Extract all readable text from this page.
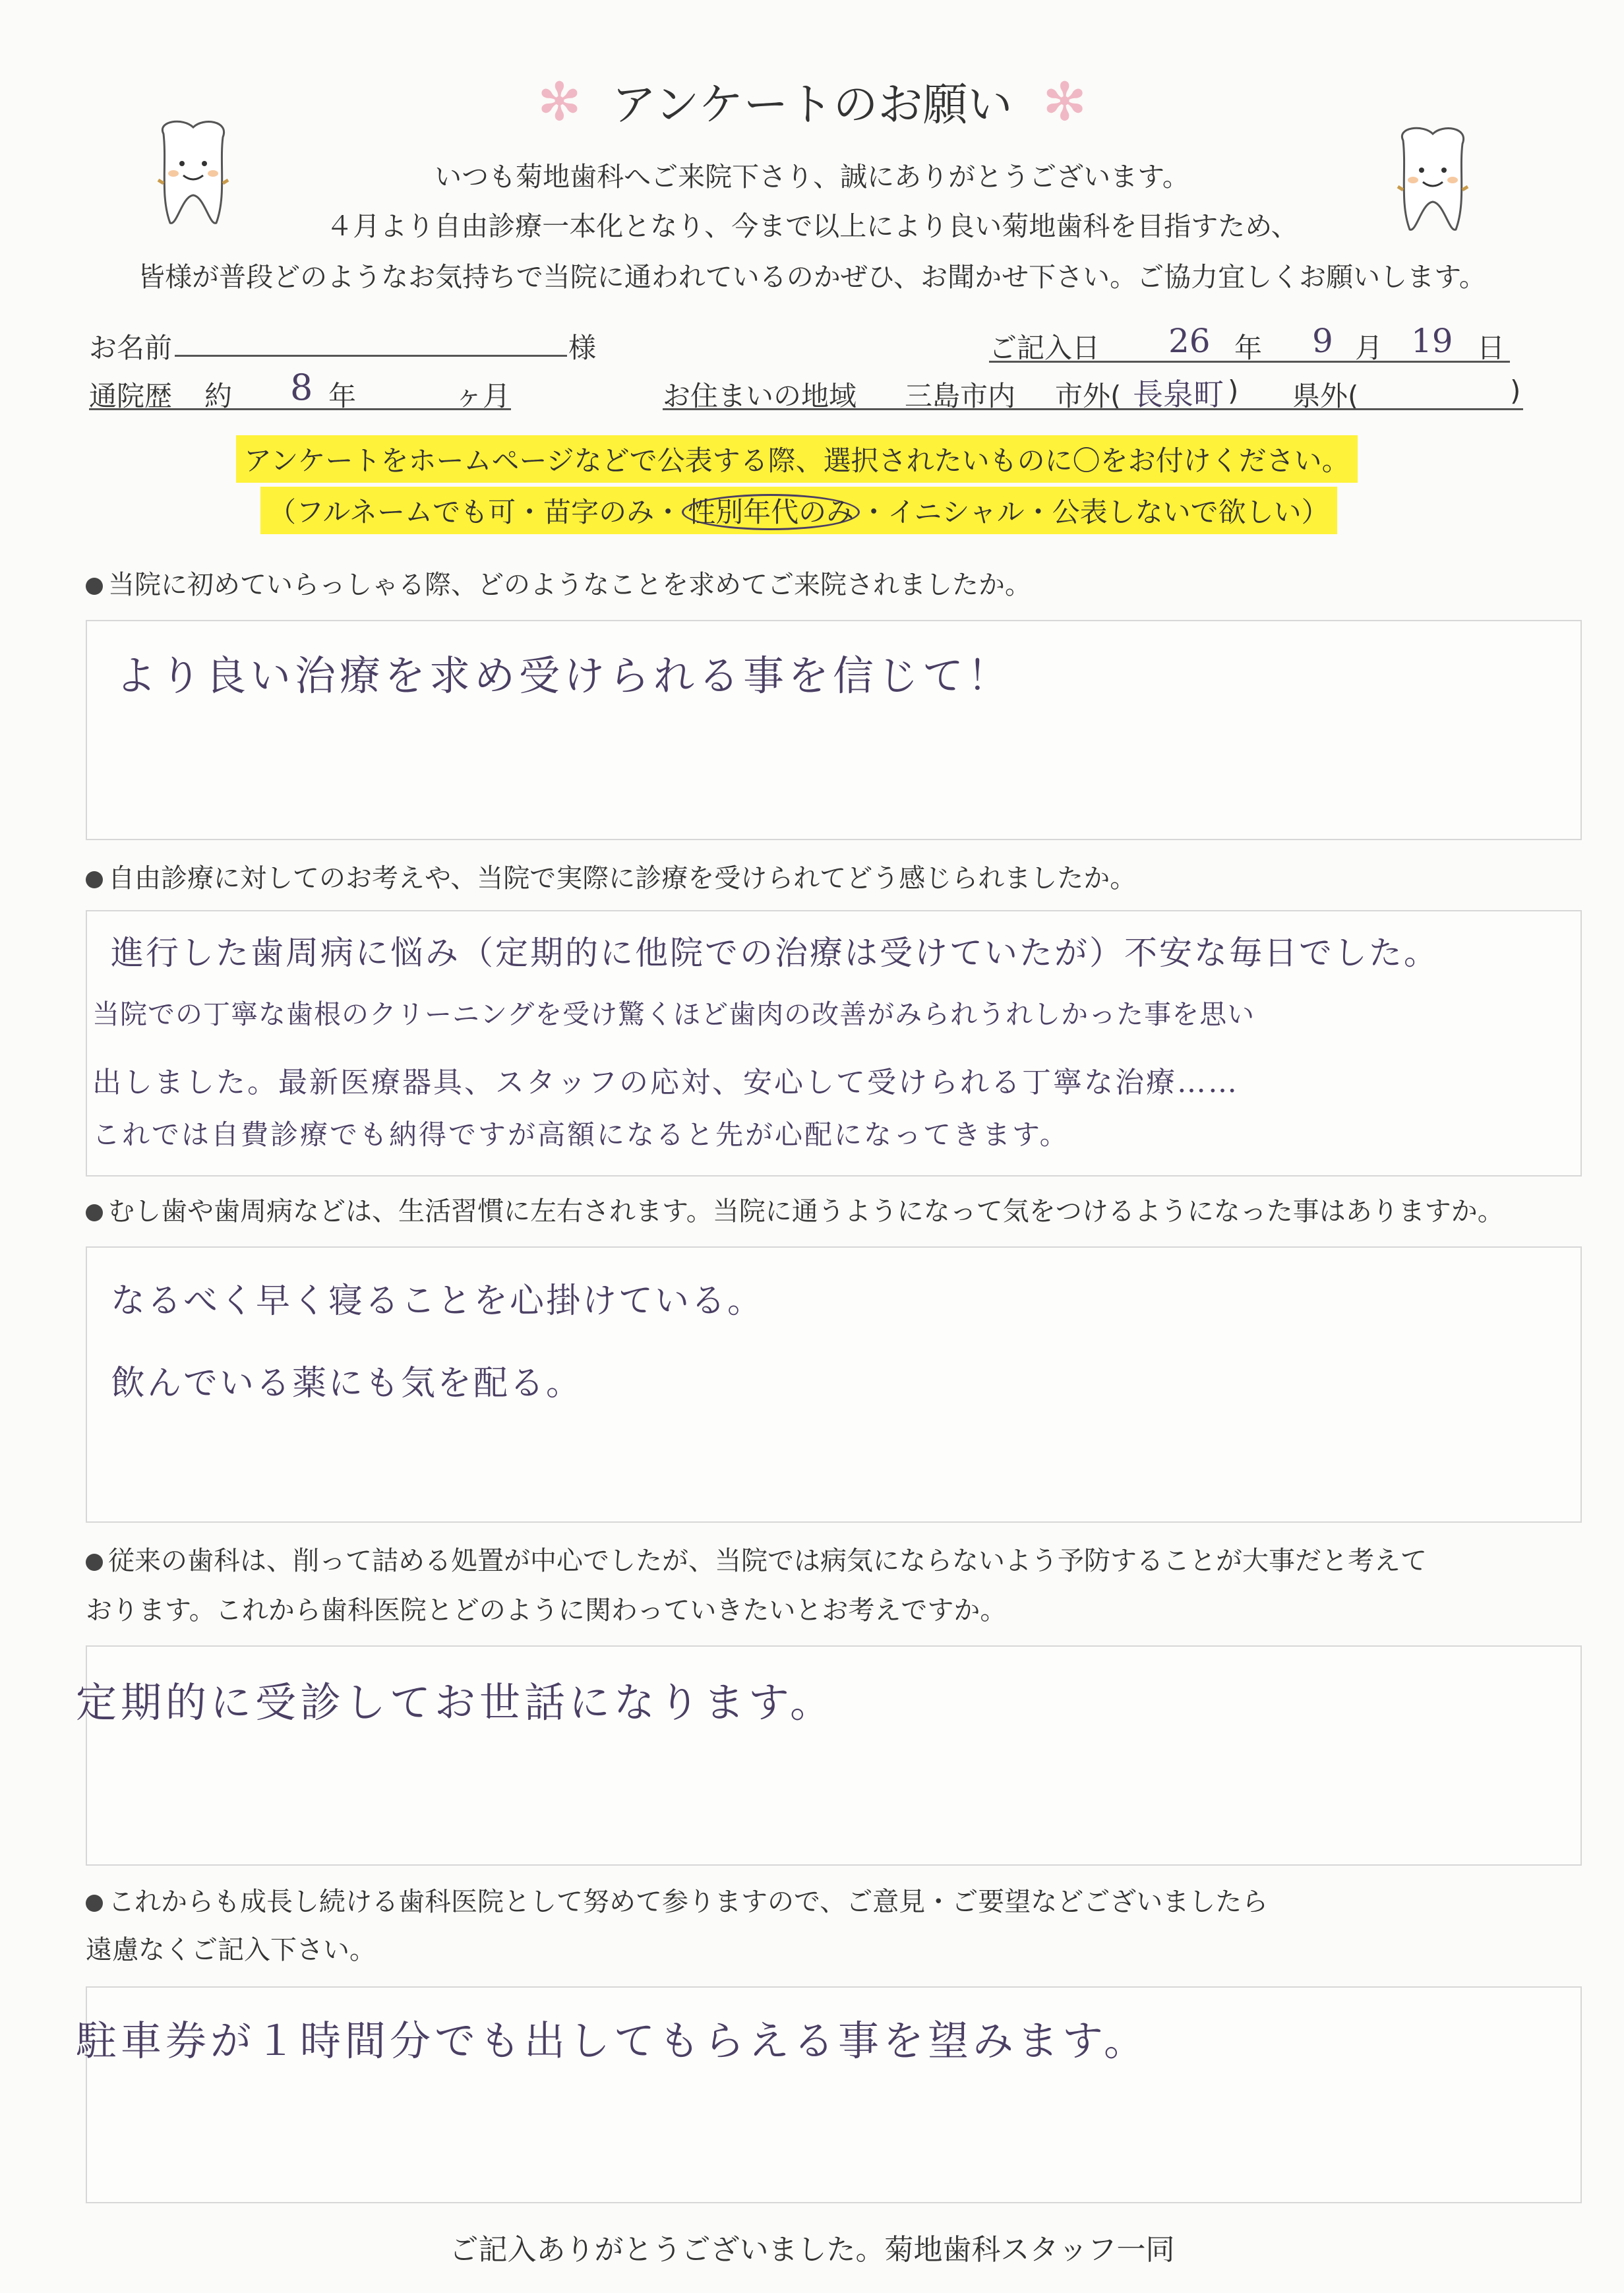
✻ アンケートのお願い ✻
いつも菊地歯科へご来院下さり、誠にありがとうございます。
４月より自由診療一本化となり、今まで以上により良い菊地歯科を目指すため、
皆様が普段どのようなお気持ちで当院に通われているのかぜひ、お聞かせ下さい。ご協力宜しくお願いします。
お名前	様	ご記入日 26 年 9 月 19 日
通院歴 約 8 年	ヶ月	お住まいの地域 三島市内 市外( 長泉町 ) 県外(	)
アンケートをホームページなどで公表する際、選択されたいものに〇をお付けください。
（フルネームでも可・苗字のみ・ 性別年代のみ ・イニシャル・公表しないで欲しい）
当院に初めていらっしゃる際、どのようなことを求めてご来院されましたか。
より良い治療を求め受けられる事を信じて！
自由診療に対してのお考えや、当院で実際に診療を受けられてどう感じられましたか。
進行した歯周病に悩み（定期的に他院での治療は受けていたが）不安な毎日でした。
当院での丁寧な歯根のクリーニングを受け驚くほど歯肉の改善がみられうれしかった事を思い
出しました。最新医療器具、スタッフの応対、安心して受けられる丁寧な治療……
これでは自費診療でも納得ですが高額になると先が心配になってきます。
むし歯や歯周病などは、生活習慣に左右されます。当院に通うようになって気をつけるようになった事はありますか。
なるべく早く寝ることを心掛けている。
飲んでいる薬にも気を配る。
従来の歯科は、削って詰める処置が中心でしたが、当院では病気にならないよう予防することが大事だと考えて
おります。これから歯科医院とどのように関わっていきたいとお考えですか。
定期的に受診してお世話になります。
これからも成長し続ける歯科医院として努めて参りますので、ご意見・ご要望などございましたら
遠慮なくご記入下さい。
駐車券が１時間分でも出してもらえる事を望みます。
ご記入ありがとうございました。菊地歯科スタッフ一同
